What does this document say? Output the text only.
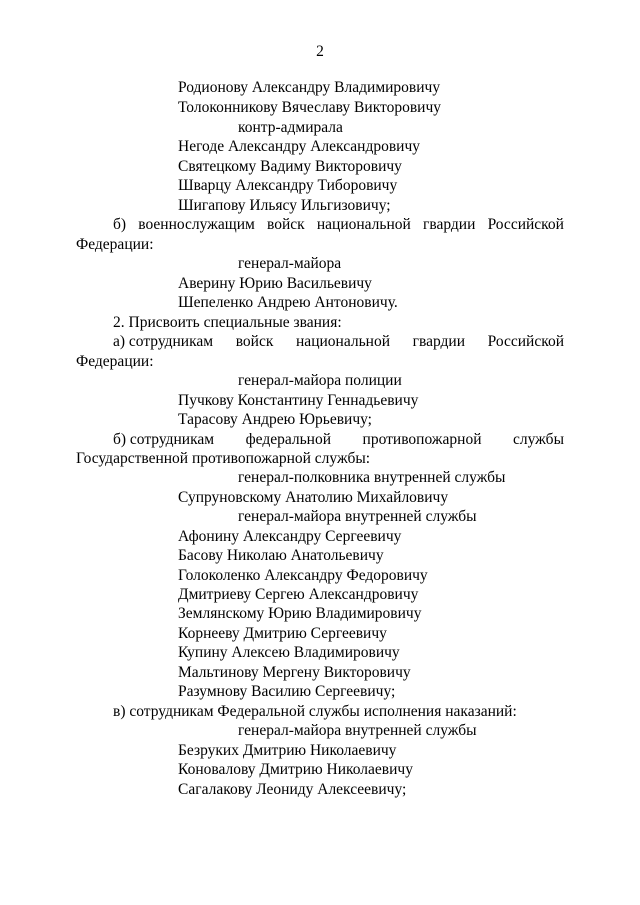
2
Родионову Александру Владимировичу
Толоконникову Вячеславу Викторовичу
контр-адмирала
Негоде Александру Александровичу
Святецкому Вадиму Викторовичу
Шварцу Александру Тиборовичу
Шигапову Ильясу Ильгизовичу;
б) военнослужащим войск национальной гвардии Российской
Федерации:
генерал-майора
Аверину Юрию Васильевичу
Шепеленко Андрею Антоновичу.
2. Присвоить специальные звания:
а) сотрудникам войск национальной гвардии Российской
Федерации:
генерал-майора полиции
Пучкову Константину Геннадьевичу
Тарасову Андрею Юрьевичу;
б) сотрудникам федеральной противопожарной службы
Государственной противопожарной службы:
генерал-полковника внутренней службы
Супруновскому Анатолию Михайловичу
генерал-майора внутренней службы
Афонину Александру Сергеевичу
Басову Николаю Анатольевичу
Голоколенко Александру Федоровичу
Дмитриеву Сергею Александровичу
Землянскому Юрию Владимировичу
Корнееву Дмитрию Сергеевичу
Купину Алексею Владимировичу
Мальтинову Мергену Викторовичу
Разумнову Василию Сергеевичу;
в) сотрудникам Федеральной службы исполнения наказаний:
генерал-майора внутренней службы
Безруких Дмитрию Николаевичу
Коновалову Дмитрию Николаевичу
Сагалакову Леониду Алексеевичу;
